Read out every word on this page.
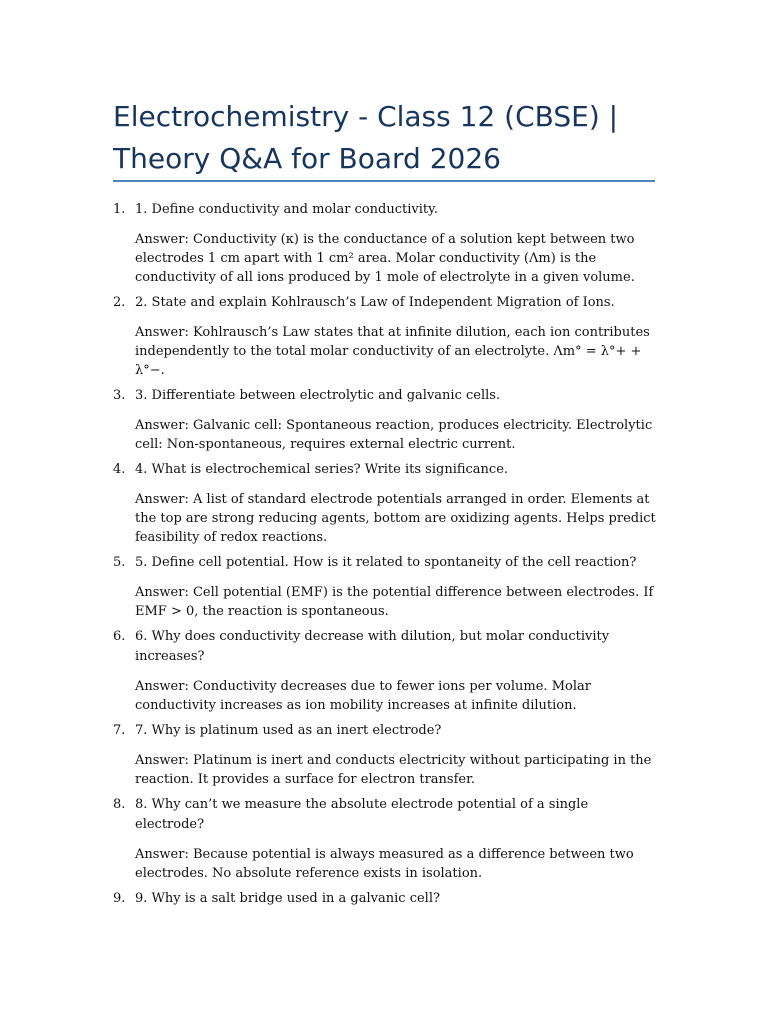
Electrochemistry - Class 12 (CBSE) | Theory Q&A for Board 2026
1. 1. Define conductivity and molar conductivity.

Answer: Conductivity (κ) is the conductance of a solution kept between two electrodes 1 cm apart with 1 cm² area. Molar conductivity (Λm) is the conductivity of all ions produced by 1 mole of electrolyte in a given volume.

2. 2. State and explain Kohlrausch’s Law of Independent Migration of Ions.

Answer: Kohlrausch’s Law states that at infinite dilution, each ion contributes independently to the total molar conductivity of an electrolyte. Λm° = λ°+ + λ°−.

3. 3. Differentiate between electrolytic and galvanic cells.

Answer: Galvanic cell: Spontaneous reaction, produces electricity. Electrolytic cell: Non-spontaneous, requires external electric current.

4. 4. What is electrochemical series? Write its significance.

Answer: A list of standard electrode potentials arranged in order. Elements at the top are strong reducing agents, bottom are oxidizing agents. Helps predict feasibility of redox reactions.

5. 5. Define cell potential. How is it related to spontaneity of the cell reaction?

Answer: Cell potential (EMF) is the potential difference between electrodes. If EMF > 0, the reaction is spontaneous.

6. 6. Why does conductivity decrease with dilution, but molar conductivity increases?

Answer: Conductivity decreases due to fewer ions per volume. Molar conductivity increases as ion mobility increases at infinite dilution.

7. 7. Why is platinum used as an inert electrode?

Answer: Platinum is inert and conducts electricity without participating in the reaction. It provides a surface for electron transfer.

8. 8. Why can’t we measure the absolute electrode potential of a single electrode?

Answer: Because potential is always measured as a difference between two electrodes. No absolute reference exists in isolation.

9. 9. Why is a salt bridge used in a galvanic cell?
